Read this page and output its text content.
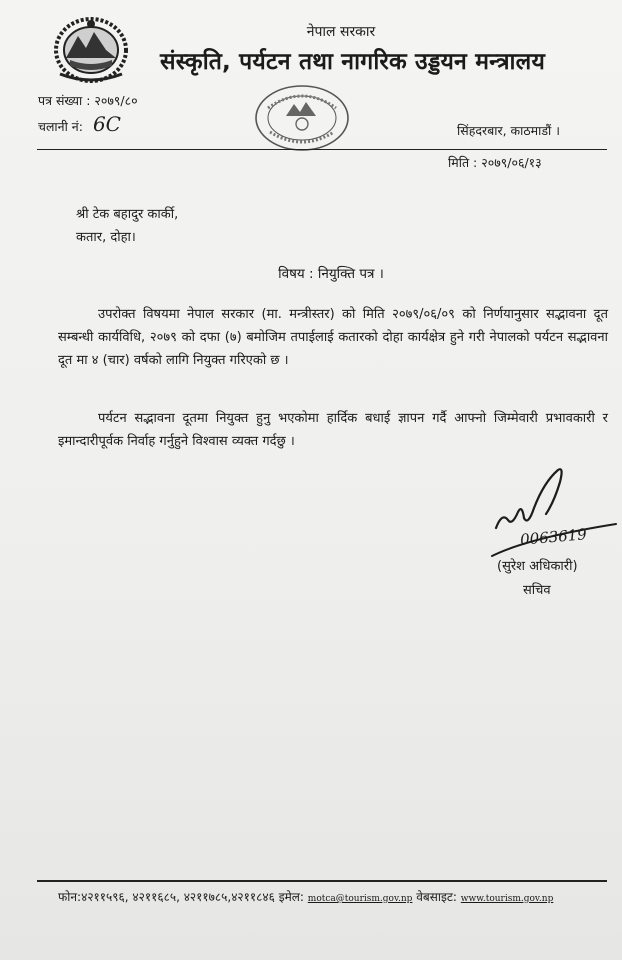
नेपाल सरकार
संस्कृति, पर्यटन तथा नागरिक उड्डयन मन्त्रालय
पत्र संख्या : २०७९/८०
चलानी नं: 6C	सिंहदरबार, काठमाडौं ।
मिति : २०७९/०६/१३
श्री टेक बहादुर कार्की,
कतार, दोहा।
विषय : नियुक्ति पत्र ।

उपरोक्त विषयमा नेपाल सरकार (मा. मन्त्रीस्तर) को मिति २०७९/०६/०९ को निर्णयानुसार सद्भावना दूत सम्बन्धी कार्यविधि, २०७९ को दफा (७) बमोजिम तपाईलाई कतारको दोहा कार्यक्षेत्र हुने गरी नेपालको पर्यटन सद्भावना दूत मा ४ (चार) वर्षको लागि नियुक्त गरिएको छ ।

पर्यटन सद्भावना दूतमा नियुक्त हुनु भएकोमा हार्दिक बधाई ज्ञापन गर्दै आफ्नो जिम्मेवारी प्रभावकारी र इमान्दारीपूर्वक निर्वाह गर्नुहुने विश्वास व्यक्त गर्दछु ।

0063619
(सुरेश अधिकारी)
सचिव
फोन:४२११५९६, ४२११६८५, ४२११७८५,४२११८४६ इमेल: motca@tourism.gov.np वेबसाइट: www.tourism.gov.np
